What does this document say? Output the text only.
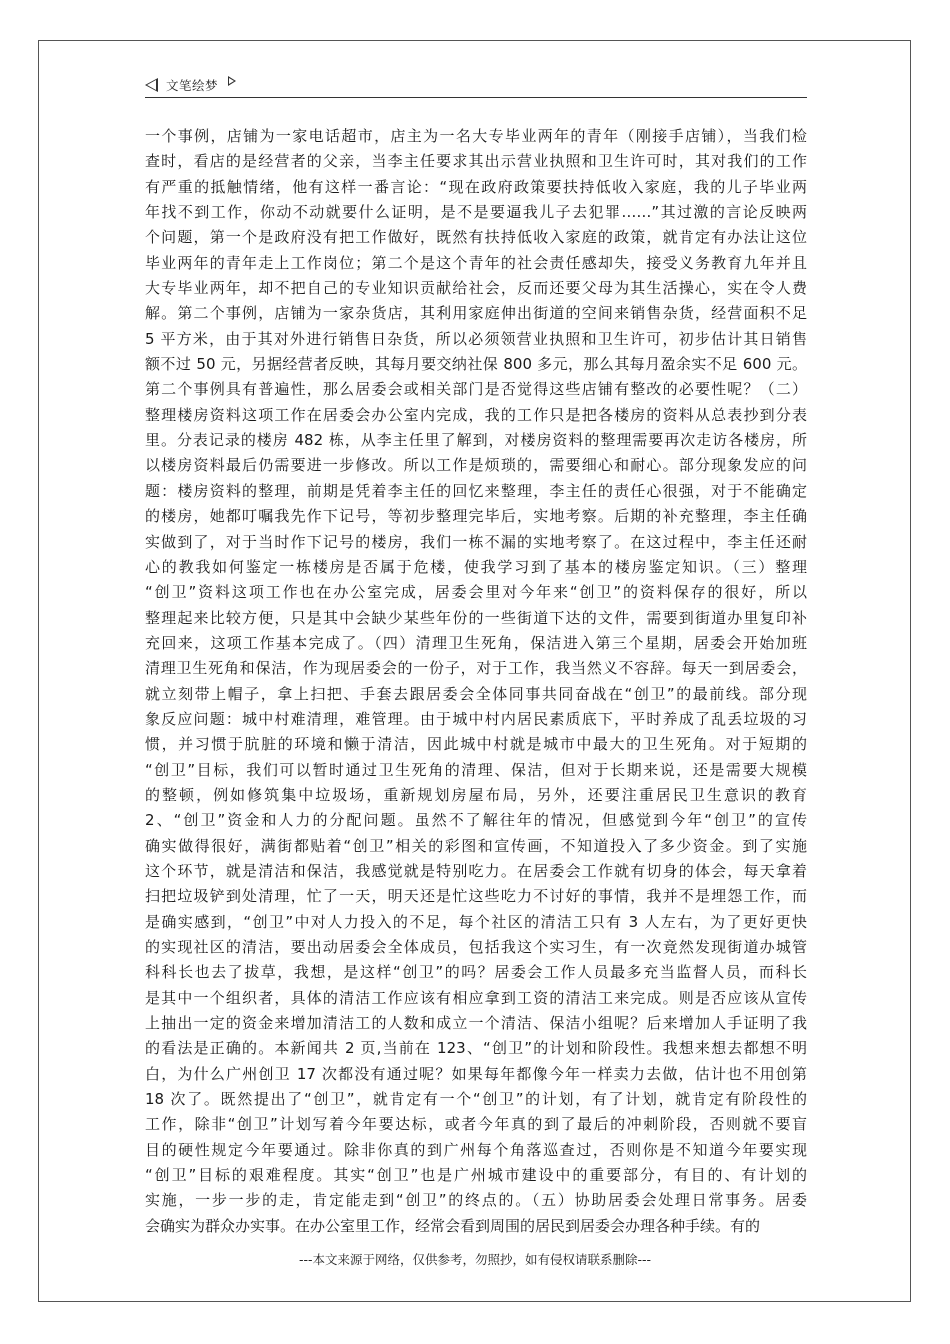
文笔绘梦
一个事例，店铺为一家电话超市，店主为一名大专毕业两年的青年（刚接手店铺），当我们检
查时，看店的是经营者的父亲，当李主任要求其出示营业执照和卫生许可时，其对我们的工作
有严重的抵触情绪，他有这样一番言论：“现在政府政策要扶持低收入家庭，我的儿子毕业两
年找不到工作，你动不动就要什么证明，是不是要逼我儿子去犯罪……”其过激的言论反映两
个问题，第一个是政府没有把工作做好，既然有扶持低收入家庭的政策，就肯定有办法让这位
毕业两年的青年走上工作岗位；第二个是这个青年的社会责任感却失，接受义务教育九年并且
大专毕业两年，却不把自己的专业知识贡献给社会，反而还要父母为其生活操心，实在令人费
解。第二个事例，店铺为一家杂货店，其利用家庭伸出街道的空间来销售杂货，经营面积不足
5 平方米，由于其对外进行销售日杂货，所以必须领营业执照和卫生许可，初步估计其日销售
额不过 50 元，另据经营者反映，其每月要交纳社保 800 多元，那么其每月盈余实不足 600 元。
第二个事例具有普遍性，那么居委会或相关部门是否觉得这些店铺有整改的必要性呢？（二）
整理楼房资料这项工作在居委会办公室内完成，我的工作只是把各楼房的资料从总表抄到分表
里。分表记录的楼房 482 栋，从李主任里了解到，对楼房资料的整理需要再次走访各楼房，所
以楼房资料最后仍需要进一步修改。所以工作是烦琐的，需要细心和耐心。部分现象发应的问
题：楼房资料的整理，前期是凭着李主任的回忆来整理，李主任的责任心很强，对于不能确定
的楼房，她都叮嘱我先作下记号，等初步整理完毕后，实地考察。后期的补充整理，李主任确
实做到了，对于当时作下记号的楼房，我们一栋不漏的实地考察了。在这过程中，李主任还耐
心的教我如何鉴定一栋楼房是否属于危楼，使我学习到了基本的楼房鉴定知识。（三）整理
“创卫”资料这项工作也在办公室完成，居委会里对今年来“创卫”的资料保存的很好，所以
整理起来比较方便，只是其中会缺少某些年份的一些街道下达的文件，需要到街道办里复印补
充回来，这项工作基本完成了。（四）清理卫生死角，保洁进入第三个星期，居委会开始加班
清理卫生死角和保洁，作为现居委会的一份子，对于工作，我当然义不容辞。每天一到居委会，
就立刻带上帽子，拿上扫把、手套去跟居委会全体同事共同奋战在“创卫”的最前线。部分现
象反应问题：城中村难清理，难管理。由于城中村内居民素质底下，平时养成了乱丢垃圾的习
惯，并习惯于肮脏的环境和懒于清洁，因此城中村就是城市中最大的卫生死角。对于短期的
“创卫”目标，我们可以暂时通过卫生死角的清理、保洁，但对于长期来说，还是需要大规模
的整顿，例如修筑集中垃圾场，重新规划房屋布局，另外，还要注重居民卫生意识的教育
2、“创卫”资金和人力的分配问题。虽然不了解往年的情况，但感觉到今年“创卫”的宣传
确实做得很好，满街都贴着“创卫”相关的彩图和宣传画，不知道投入了多少资金。到了实施
这个环节，就是清洁和保洁，我感觉就是特别吃力。在居委会工作就有切身的体会，每天拿着
扫把垃圾铲到处清理，忙了一天，明天还是忙这些吃力不讨好的事情，我并不是埋怨工作，而
是确实感到，“创卫”中对人力投入的不足，每个社区的清洁工只有 3 人左右，为了更好更快
的实现社区的清洁，要出动居委会全体成员，包括我这个实习生，有一次竟然发现街道办城管
科科长也去了拔草，我想，是这样“创卫”的吗？居委会工作人员最多充当监督人员，而科长
是其中一个组织者，具体的清洁工作应该有相应拿到工资的清洁工来完成。则是否应该从宣传
上抽出一定的资金来增加清洁工的人数和成立一个清洁、保洁小组呢？后来增加人手证明了我
的看法是正确的。本新闻共 2 页,当前在 123、“创卫”的计划和阶段性。我想来想去都想不明
白，为什么广州创卫 17 次都没有通过呢？如果每年都像今年一样卖力去做，估计也不用创第
18 次了。既然提出了“创卫”，就肯定有一个“创卫”的计划，有了计划，就肯定有阶段性的
工作，除非“创卫”计划写着今年要达标，或者今年真的到了最后的冲刺阶段，否则就不要盲
目的硬性规定今年要通过。除非你真的到广州每个角落巡查过，否则你是不知道今年要实现
“创卫”目标的艰难程度。其实“创卫”也是广州城市建设中的重要部分，有目的、有计划的
实施，一步一步的走，肯定能走到“创卫”的终点的。（五）协助居委会处理日常事务。居委
会确实为群众办实事。在办公室里工作，经常会看到周围的居民到居委会办理各种手续。有的
---本文来源于网络，仅供参考，勿照抄，如有侵权请联系删除---
